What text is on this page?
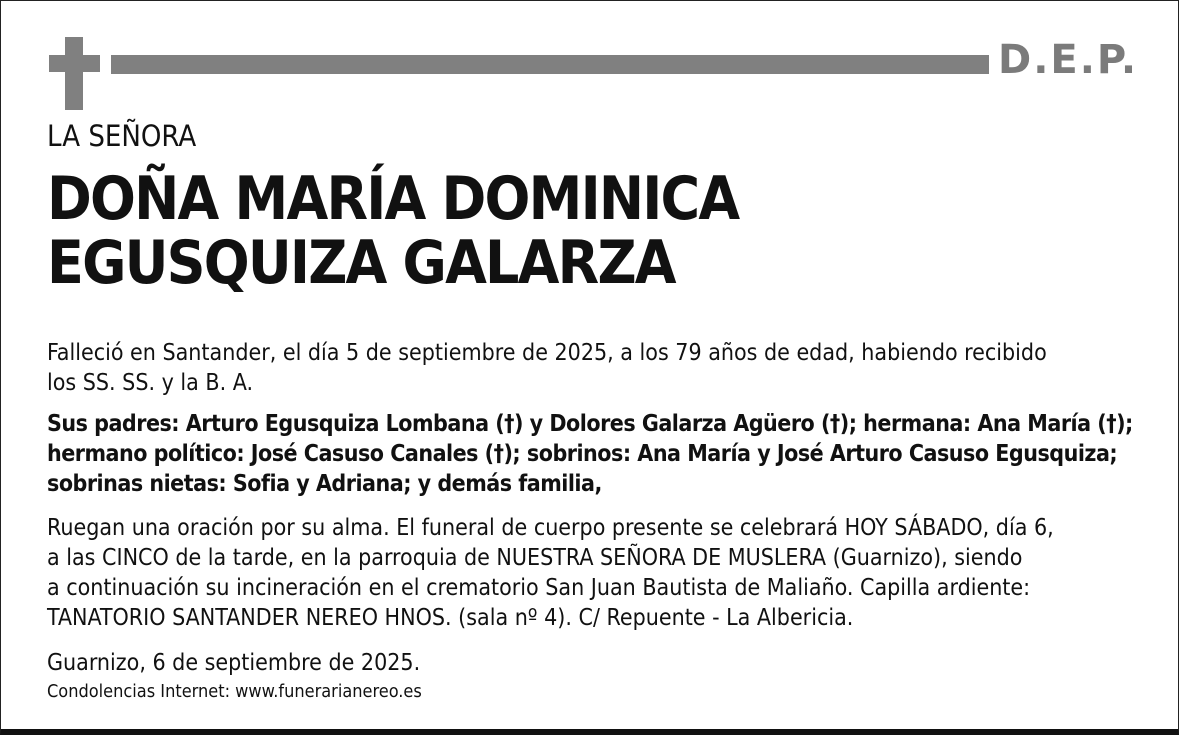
D.E.P.
LA SEÑORA
DOÑA MARÍA DOMINICA
EGUSQUIZA GALARZA
Falleció en Santander, el día 5 de septiembre de 2025, a los 79 años de edad, habiendo recibido
los SS. SS. y la B. A.
Sus padres: Arturo Egusquiza Lombana (†) y Dolores Galarza Agüero (†); hermana: Ana María (†);
hermano político: José Casuso Canales (†); sobrinos: Ana María y José Arturo Casuso Egusquiza;
sobrinas nietas: Sofia y Adriana; y demás familia,
Ruegan una oración por su alma. El funeral de cuerpo presente se celebrará HOY SÁBADO, día 6,
a las CINCO de la tarde, en la parroquia de NUESTRA SEÑORA DE MUSLERA (Guarnizo), siendo
a continuación su incineración en el crematorio San Juan Bautista de Maliaño. Capilla ardiente:
TANATORIO SANTANDER NEREO HNOS. (sala nº 4). C/ Repuente - La Albericia.
Guarnizo, 6 de septiembre de 2025.
Condolencias Internet: www.funerarianereo.es
